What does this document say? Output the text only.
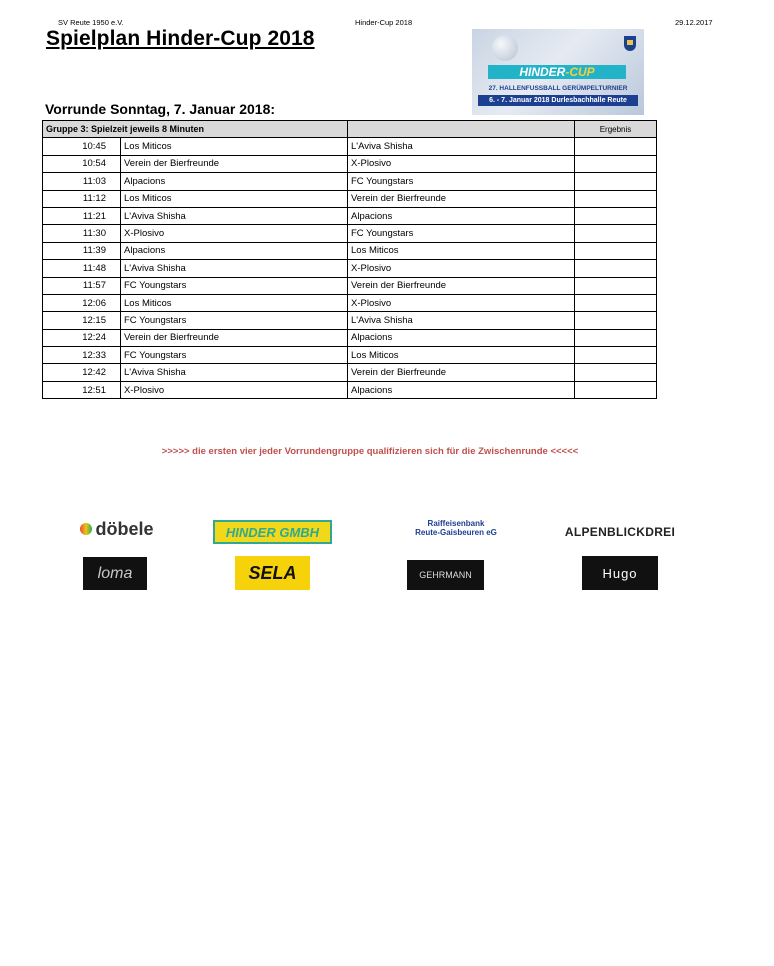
SV Reute 1950 e.V.	Hinder-Cup 2018	29.12.2017
Spielplan Hinder-Cup 2018
HINDER-CUP
27. HALLENFUSSBALL GERÜMPELTURNIER
6. - 7. Januar 2018 Durlesbachhalle Reute
Vorrunde Sonntag, 7. Januar 2018:
Gruppe 3: Spielzeit jeweils 8 Minuten			Ergebnis
10:45	Los Miticos	L'Aviva Shisha	
10:54	Verein der Bierfreunde	X-Plosivo	
11:03	Alpacions	FC Youngstars	
11:12	Los Miticos	Verein der Bierfreunde	
11:21	L'Aviva Shisha	Alpacions	
11:30	X-Plosivo	FC Youngstars	
11:39	Alpacions	Los Miticos	
11:48	L'Aviva Shisha	X-Plosivo	
11:57	FC Youngstars	Verein der Bierfreunde	
12:06	Los Miticos	X-Plosivo	
12:15	FC Youngstars	L'Aviva Shisha	
12:24	Verein der Bierfreunde	Alpacions	
12:33	FC Youngstars	Los Miticos	
12:42	L'Aviva Shisha	Verein der Bierfreunde	
12:51	X-Plosivo	Alpacions	
>>>>> die ersten vier jeder Vorrundengruppe qualifizieren sich für die Zwischenrunde <<<<<
döbele	HINDER GMBH
Raiffeisenbank
Reute-Gaisbeuren eG	ALPENBLICKDREI
loma	SELA	GEHRMANN	Hugo
